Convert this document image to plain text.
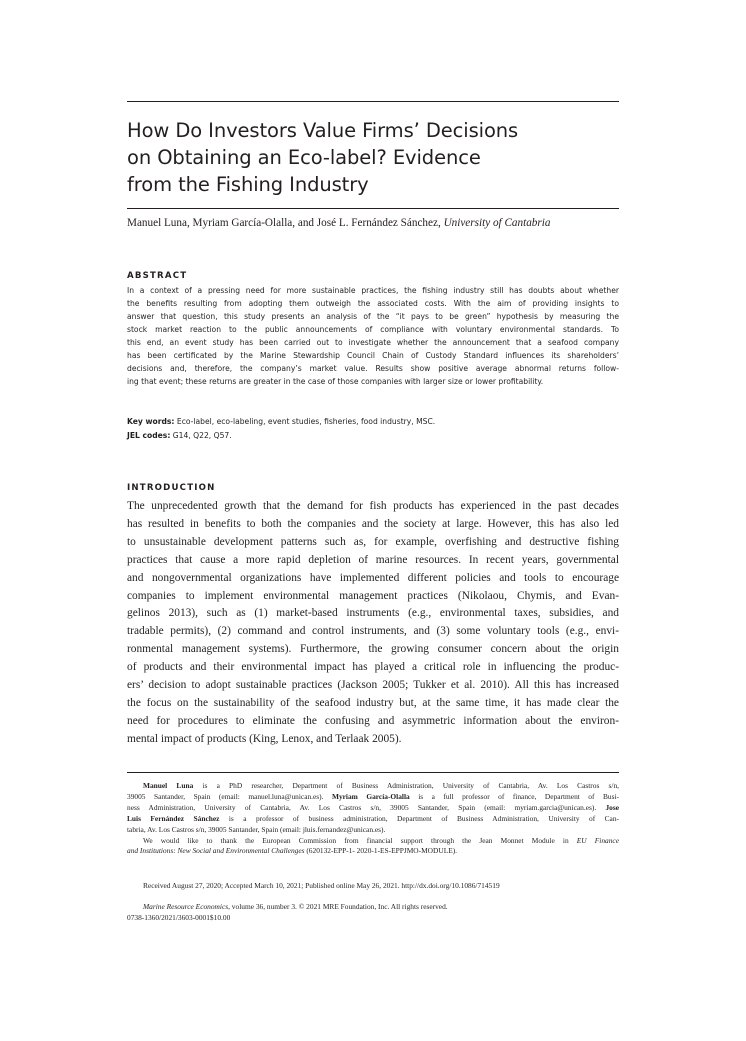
How Do Investors Value Firms’ Decisions
on Obtaining an Eco-label? Evidence
from the Fishing Industry
Manuel Luna, Myriam García-Olalla, and José L. Fernández Sánchez, University of Cantabria
ABSTRACT
In a context of a pressing need for more sustainable practices, the fishing industry still has doubts about whether
the benefits resulting from adopting them outweigh the associated costs. With the aim of providing insights to
answer that question, this study presents an analysis of the “it pays to be green” hypothesis by measuring the
stock market reaction to the public announcements of compliance with voluntary environmental standards. To
this end, an event study has been carried out to investigate whether the announcement that a seafood company
has been certificated by the Marine Stewardship Council Chain of Custody Standard influences its shareholders’
decisions and, therefore, the company’s market value. Results show positive average abnormal returns follow-
ing that event; these returns are greater in the case of those companies with larger size or lower profitability.
Key words: Eco-label, eco-labeling, event studies, fisheries, food industry, MSC.
JEL codes: G14, Q22, Q57.
INTRODUCTION
The unprecedented growth that the demand for fish products has experienced in the past decades
has resulted in benefits to both the companies and the society at large. However, this has also led
to unsustainable development patterns such as, for example, overfishing and destructive fishing
practices that cause a more rapid depletion of marine resources. In recent years, governmental
and nongovernmental organizations have implemented different policies and tools to encourage
companies to implement environmental management practices (Nikolaou, Chymis, and Evan-
gelinos 2013), such as (1) market-based instruments (e.g., environmental taxes, subsidies, and
tradable permits), (2) command and control instruments, and (3) some voluntary tools (e.g., envi-
ronmental management systems). Furthermore, the growing consumer concern about the origin
of products and their environmental impact has played a critical role in influencing the produc-
ers’ decision to adopt sustainable practices (Jackson 2005; Tukker et al. 2010). All this has increased
the focus on the sustainability of the seafood industry but, at the same time, it has made clear the
need for procedures to eliminate the confusing and asymmetric information about the environ-
mental impact of products (King, Lenox, and Terlaak 2005).
Manuel Luna is a PhD researcher, Department of Business Administration, University of Cantabria, Av. Los Castros s/n,
39005 Santander, Spain (email: manuel.luna@unican.es). Myriam García-Olalla is a full professor of finance, Department of Busi-
ness Administration, University of Cantabria, Av. Los Castros s/n, 39005 Santander, Spain (email: myriam.garcia@unican.es). Jose
Luis Fernández Sánchez is a professor of business administration, Department of Business Administration, University of Can-
tabria, Av. Los Castros s/n, 39005 Santander, Spain (email: jluis.fernandez@unican.es).
We would like to thank the European Commission from financial support through the Jean Monnet Module in EU Finance
and Institutions: New Social and Environmental Challenges (620132-EPP-1- 2020-1-ES-EPPJMO-MODULE).
Received August 27, 2020; Accepted March 10, 2021; Published online May 26, 2021. http://dx.doi.org/10.1086/714519
Marine Resource Economics, volume 36, number 3. © 2021 MRE Foundation, Inc. All rights reserved.
0738-1360/2021/3603-0001$10.00
